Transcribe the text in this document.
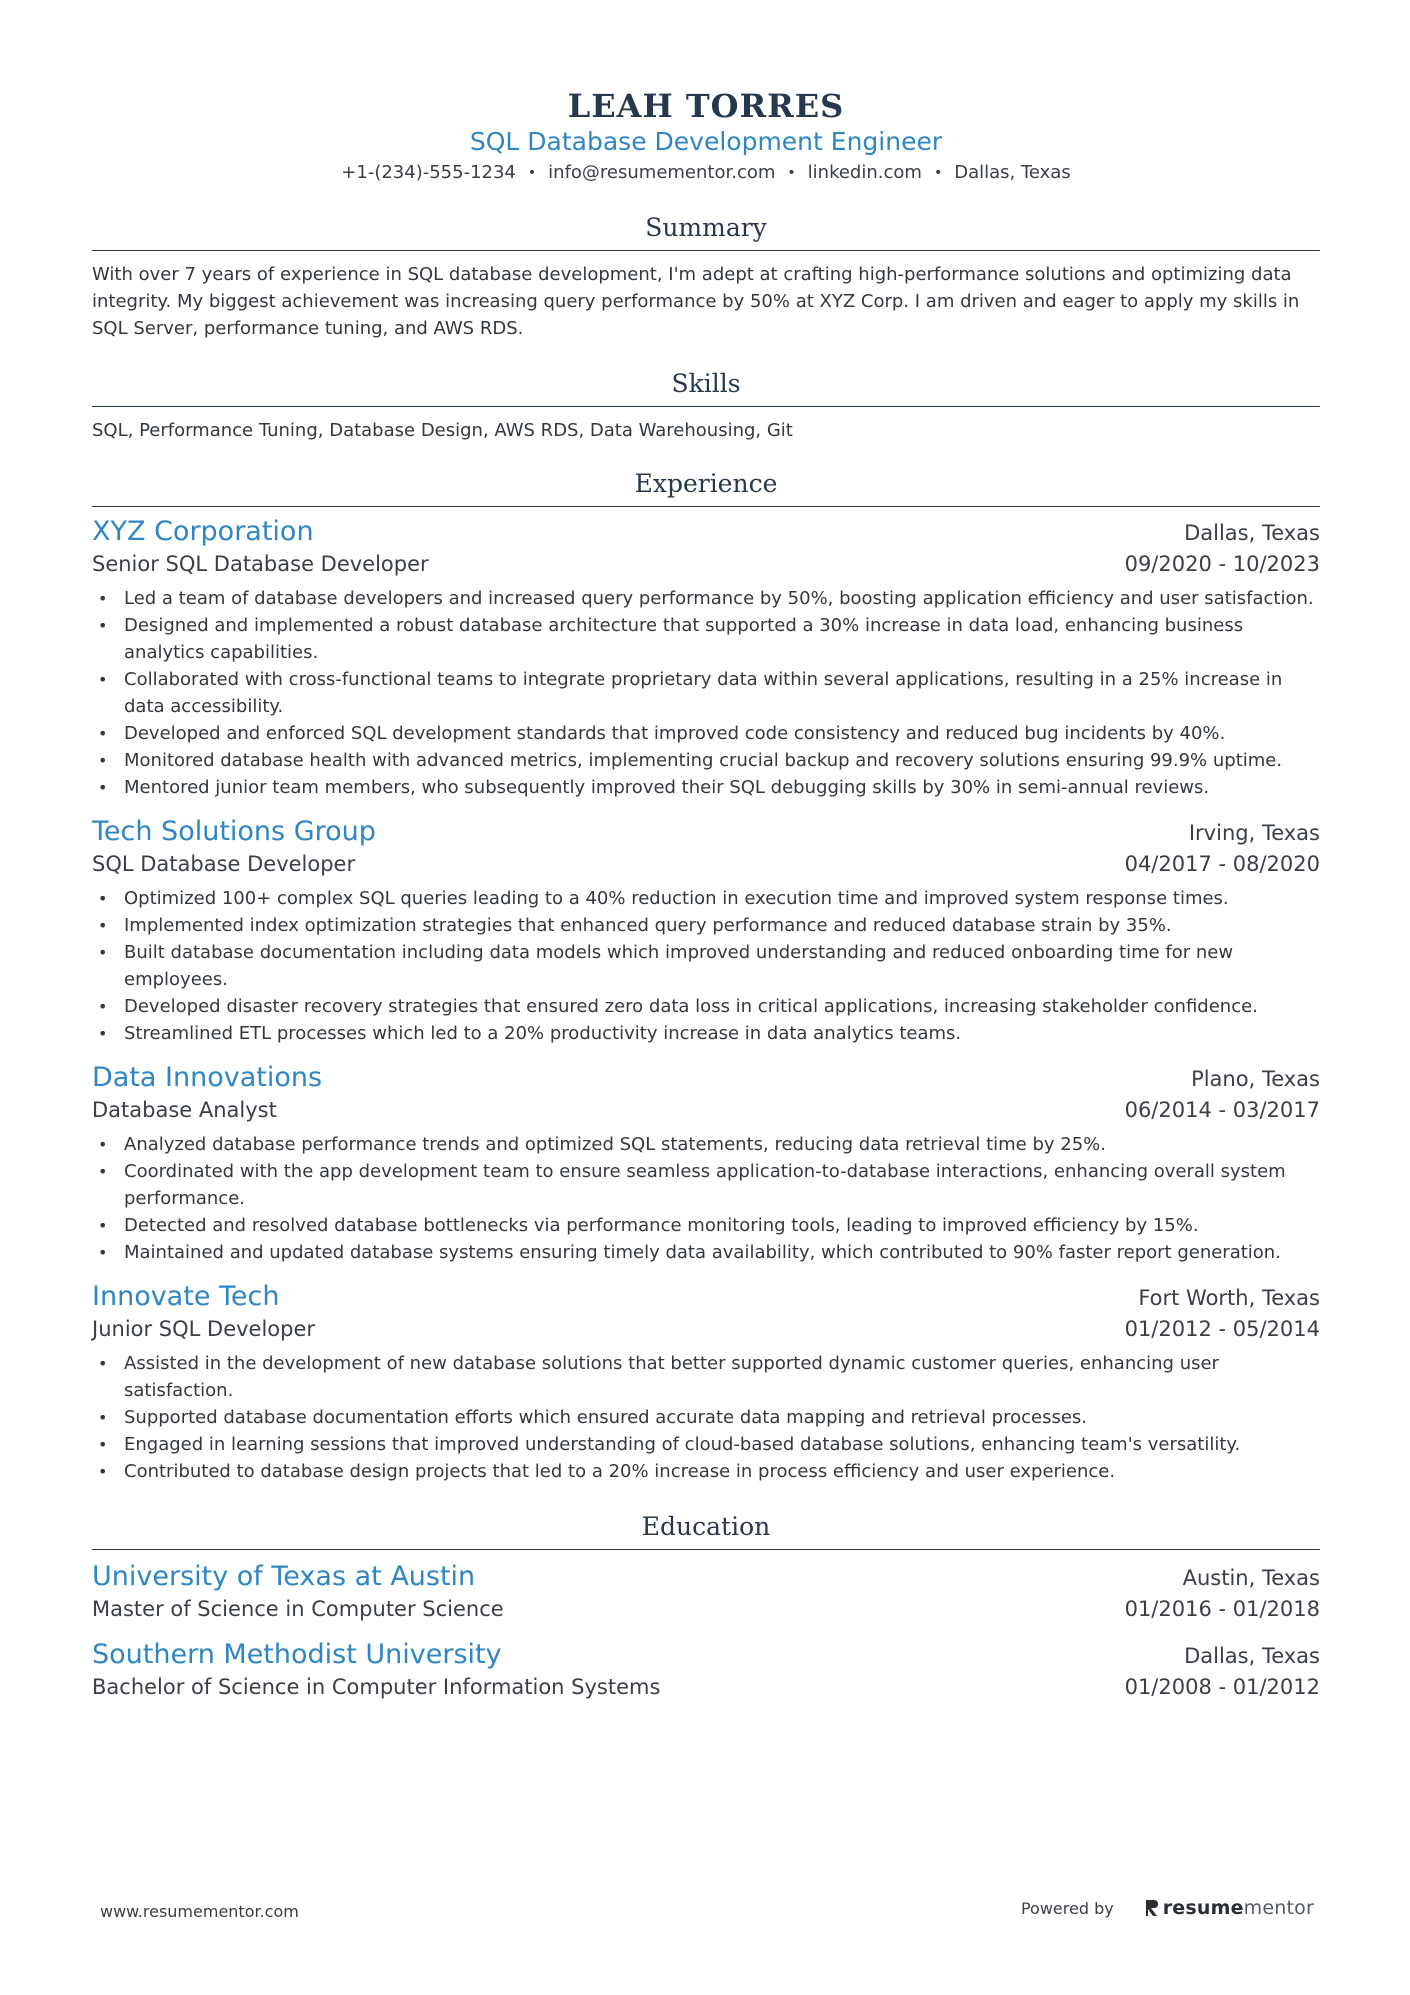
LEAH TORRES
SQL Database Development Engineer
+1-(234)-555-1234 • info@resumementor.com • linkedin.com • Dallas, Texas
Summary
With over 7 years of experience in SQL database development, I'm adept at crafting high-performance solutions and optimizing data integrity. My biggest achievement was increasing query performance by 50% at XYZ Corp. I am driven and eager to apply my skills in SQL Server, performance tuning, and AWS RDS.
Skills
SQL, Performance Tuning, Database Design, AWS RDS, Data Warehousing, Git
Experience
XYZ Corporation	Dallas, Texas
Senior SQL Database Developer	09/2020 - 10/2023
• Led a team of database developers and increased query performance by 50%, boosting application efficiency and user satisfaction.
• Designed and implemented a robust database architecture that supported a 30% increase in data load, enhancing business analytics capabilities.
• Collaborated with cross-functional teams to integrate proprietary data within several applications, resulting in a 25% increase in data accessibility.
• Developed and enforced SQL development standards that improved code consistency and reduced bug incidents by 40%.
• Monitored database health with advanced metrics, implementing crucial backup and recovery solutions ensuring 99.9% uptime.
• Mentored junior team members, who subsequently improved their SQL debugging skills by 30% in semi-annual reviews.
Tech Solutions Group	Irving, Texas
SQL Database Developer	04/2017 - 08/2020
• Optimized 100+ complex SQL queries leading to a 40% reduction in execution time and improved system response times.
• Implemented index optimization strategies that enhanced query performance and reduced database strain by 35%.
• Built database documentation including data models which improved understanding and reduced onboarding time for new employees.
• Developed disaster recovery strategies that ensured zero data loss in critical applications, increasing stakeholder confidence.
• Streamlined ETL processes which led to a 20% productivity increase in data analytics teams.
Data Innovations	Plano, Texas
Database Analyst	06/2014 - 03/2017
• Analyzed database performance trends and optimized SQL statements, reducing data retrieval time by 25%.
• Coordinated with the app development team to ensure seamless application-to-database interactions, enhancing overall system performance.
• Detected and resolved database bottlenecks via performance monitoring tools, leading to improved efficiency by 15%.
• Maintained and updated database systems ensuring timely data availability, which contributed to 90% faster report generation.
Innovate Tech	Fort Worth, Texas
Junior SQL Developer	01/2012 - 05/2014
• Assisted in the development of new database solutions that better supported dynamic customer queries, enhancing user satisfaction.
• Supported database documentation efforts which ensured accurate data mapping and retrieval processes.
• Engaged in learning sessions that improved understanding of cloud-based database solutions, enhancing team's versatility.
• Contributed to database design projects that led to a 20% increase in process efficiency and user experience.
Education
University of Texas at Austin	Austin, Texas
Master of Science in Computer Science	01/2016 - 01/2018
Southern Methodist University	Dallas, Texas
Bachelor of Science in Computer Information Systems	01/2008 - 01/2012
www.resumementor.com	Powered by	resumementor
